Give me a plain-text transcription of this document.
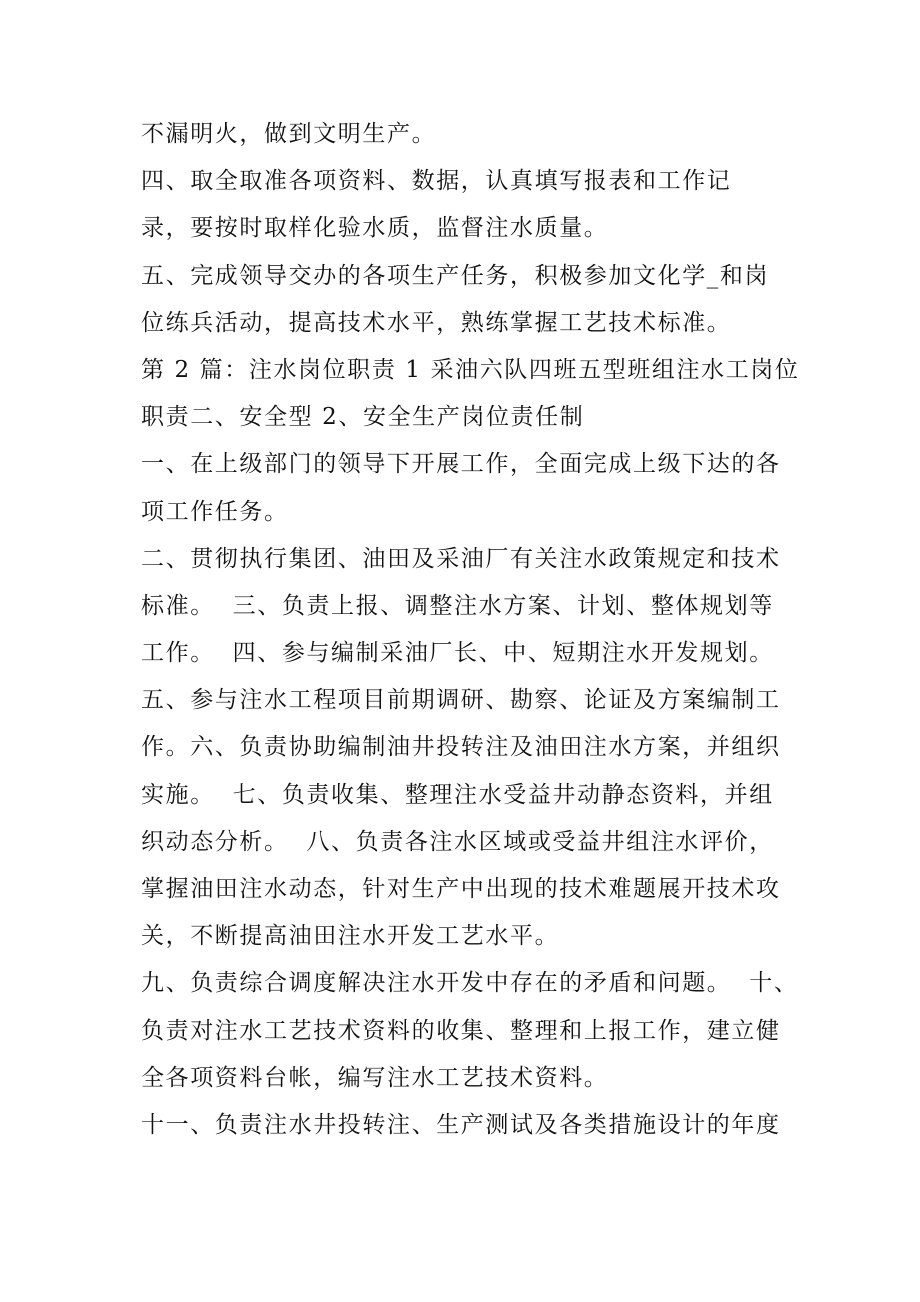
不漏明火，做到文明生产。
四、取全取准各项资料、数据，认真填写报表和工作记
录，要按时取样化验水质，监督注水质量。
五、完成领导交办的各项生产任务，积极参加文化学_和岗
位练兵活动，提高技术水平，熟练掌握工艺技术标准。
第 2 篇：注水岗位职责 1 采油六队四班五型班组注水工岗位
职责二、安全型 2、安全生产岗位责任制
一、在上级部门的领导下开展工作，全面完成上级下达的各
项工作任务。
二、贯彻执行集团、油田及采油厂有关注水政策规定和技术
标准。  三、负责上报、调整注水方案、计划、整体规划等
工作。  四、参与编制采油厂长、中、短期注水开发规划。
五、参与注水工程项目前期调研、勘察、论证及方案编制工
作。六、负责协助编制油井投转注及油田注水方案，并组织
实施。  七、负责收集、整理注水受益井动静态资料，并组
织动态分析。  八、负责各注水区域或受益井组注水评价，
掌握油田注水动态，针对生产中出现的技术难题展开技术攻
关，不断提高油田注水开发工艺水平。
九、负责综合调度解决注水开发中存在的矛盾和问题。  十、
负责对注水工艺技术资料的收集、整理和上报工作，建立健
全各项资料台帐，编写注水工艺技术资料。
十一、负责注水井投转注、生产测试及各类措施设计的年度
